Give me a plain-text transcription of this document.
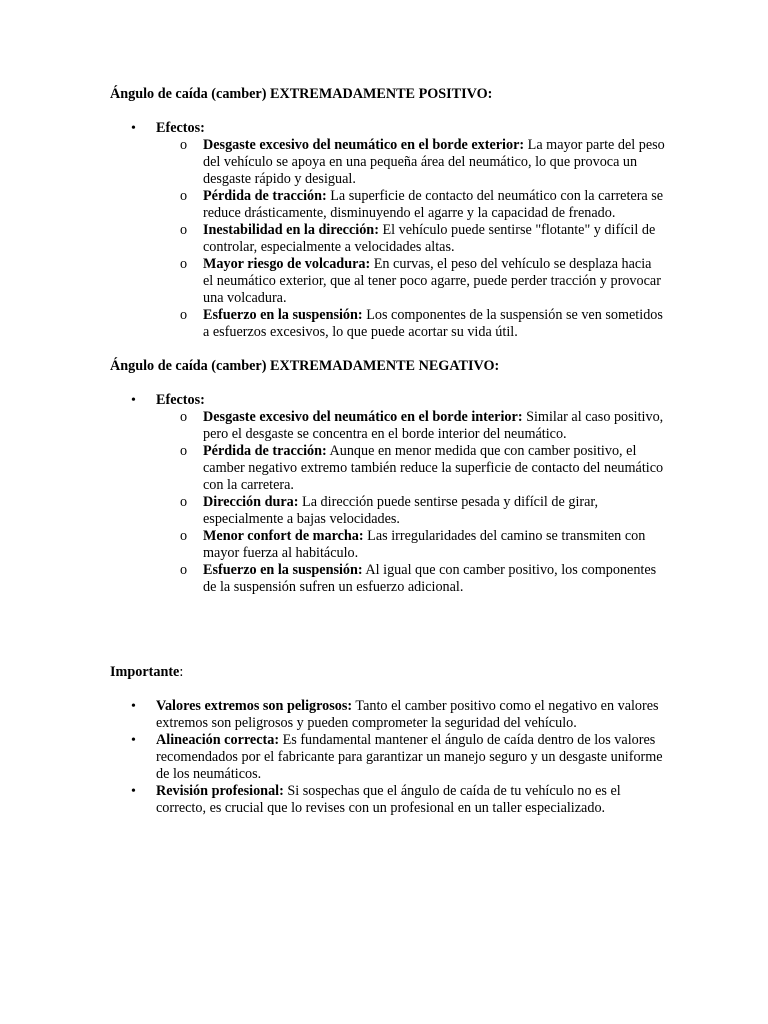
Ángulo de caída (camber) EXTREMADAMENTE POSITIVO:

• Efectos:
o Desgaste excesivo del neumático en el borde exterior: La mayor parte del peso del vehículo se apoya en una pequeña área del neumático, lo que provoca un desgaste rápido y desigual.
o Pérdida de tracción: La superficie de contacto del neumático con la carretera se reduce drásticamente, disminuyendo el agarre y la capacidad de frenado.
o Inestabilidad en la dirección: El vehículo puede sentirse "flotante" y difícil de controlar, especialmente a velocidades altas.
o Mayor riesgo de volcadura: En curvas, el peso del vehículo se desplaza hacia el neumático exterior, que al tener poco agarre, puede perder tracción y provocar una volcadura.
o Esfuerzo en la suspensión: Los componentes de la suspensión se ven sometidos a esfuerzos excesivos, lo que puede acortar su vida útil.

Ángulo de caída (camber) EXTREMADAMENTE NEGATIVO:

• Efectos:
o Desgaste excesivo del neumático en el borde interior: Similar al caso positivo, pero el desgaste se concentra en el borde interior del neumático.
o Pérdida de tracción: Aunque en menor medida que con camber positivo, el camber negativo extremo también reduce la superficie de contacto del neumático con la carretera.
o Dirección dura: La dirección puede sentirse pesada y difícil de girar, especialmente a bajas velocidades.
o Menor confort de marcha: Las irregularidades del camino se transmiten con mayor fuerza al habitáculo.
o Esfuerzo en la suspensión: Al igual que con camber positivo, los componentes de la suspensión sufren un esfuerzo adicional.

Importante:

• Valores extremos son peligrosos: Tanto el camber positivo como el negativo en valores extremos son peligrosos y pueden comprometer la seguridad del vehículo.
• Alineación correcta: Es fundamental mantener el ángulo de caída dentro de los valores recomendados por el fabricante para garantizar un manejo seguro y un desgaste uniforme de los neumáticos.
• Revisión profesional: Si sospechas que el ángulo de caída de tu vehículo no es el correcto, es crucial que lo revises con un profesional en un taller especializado.
